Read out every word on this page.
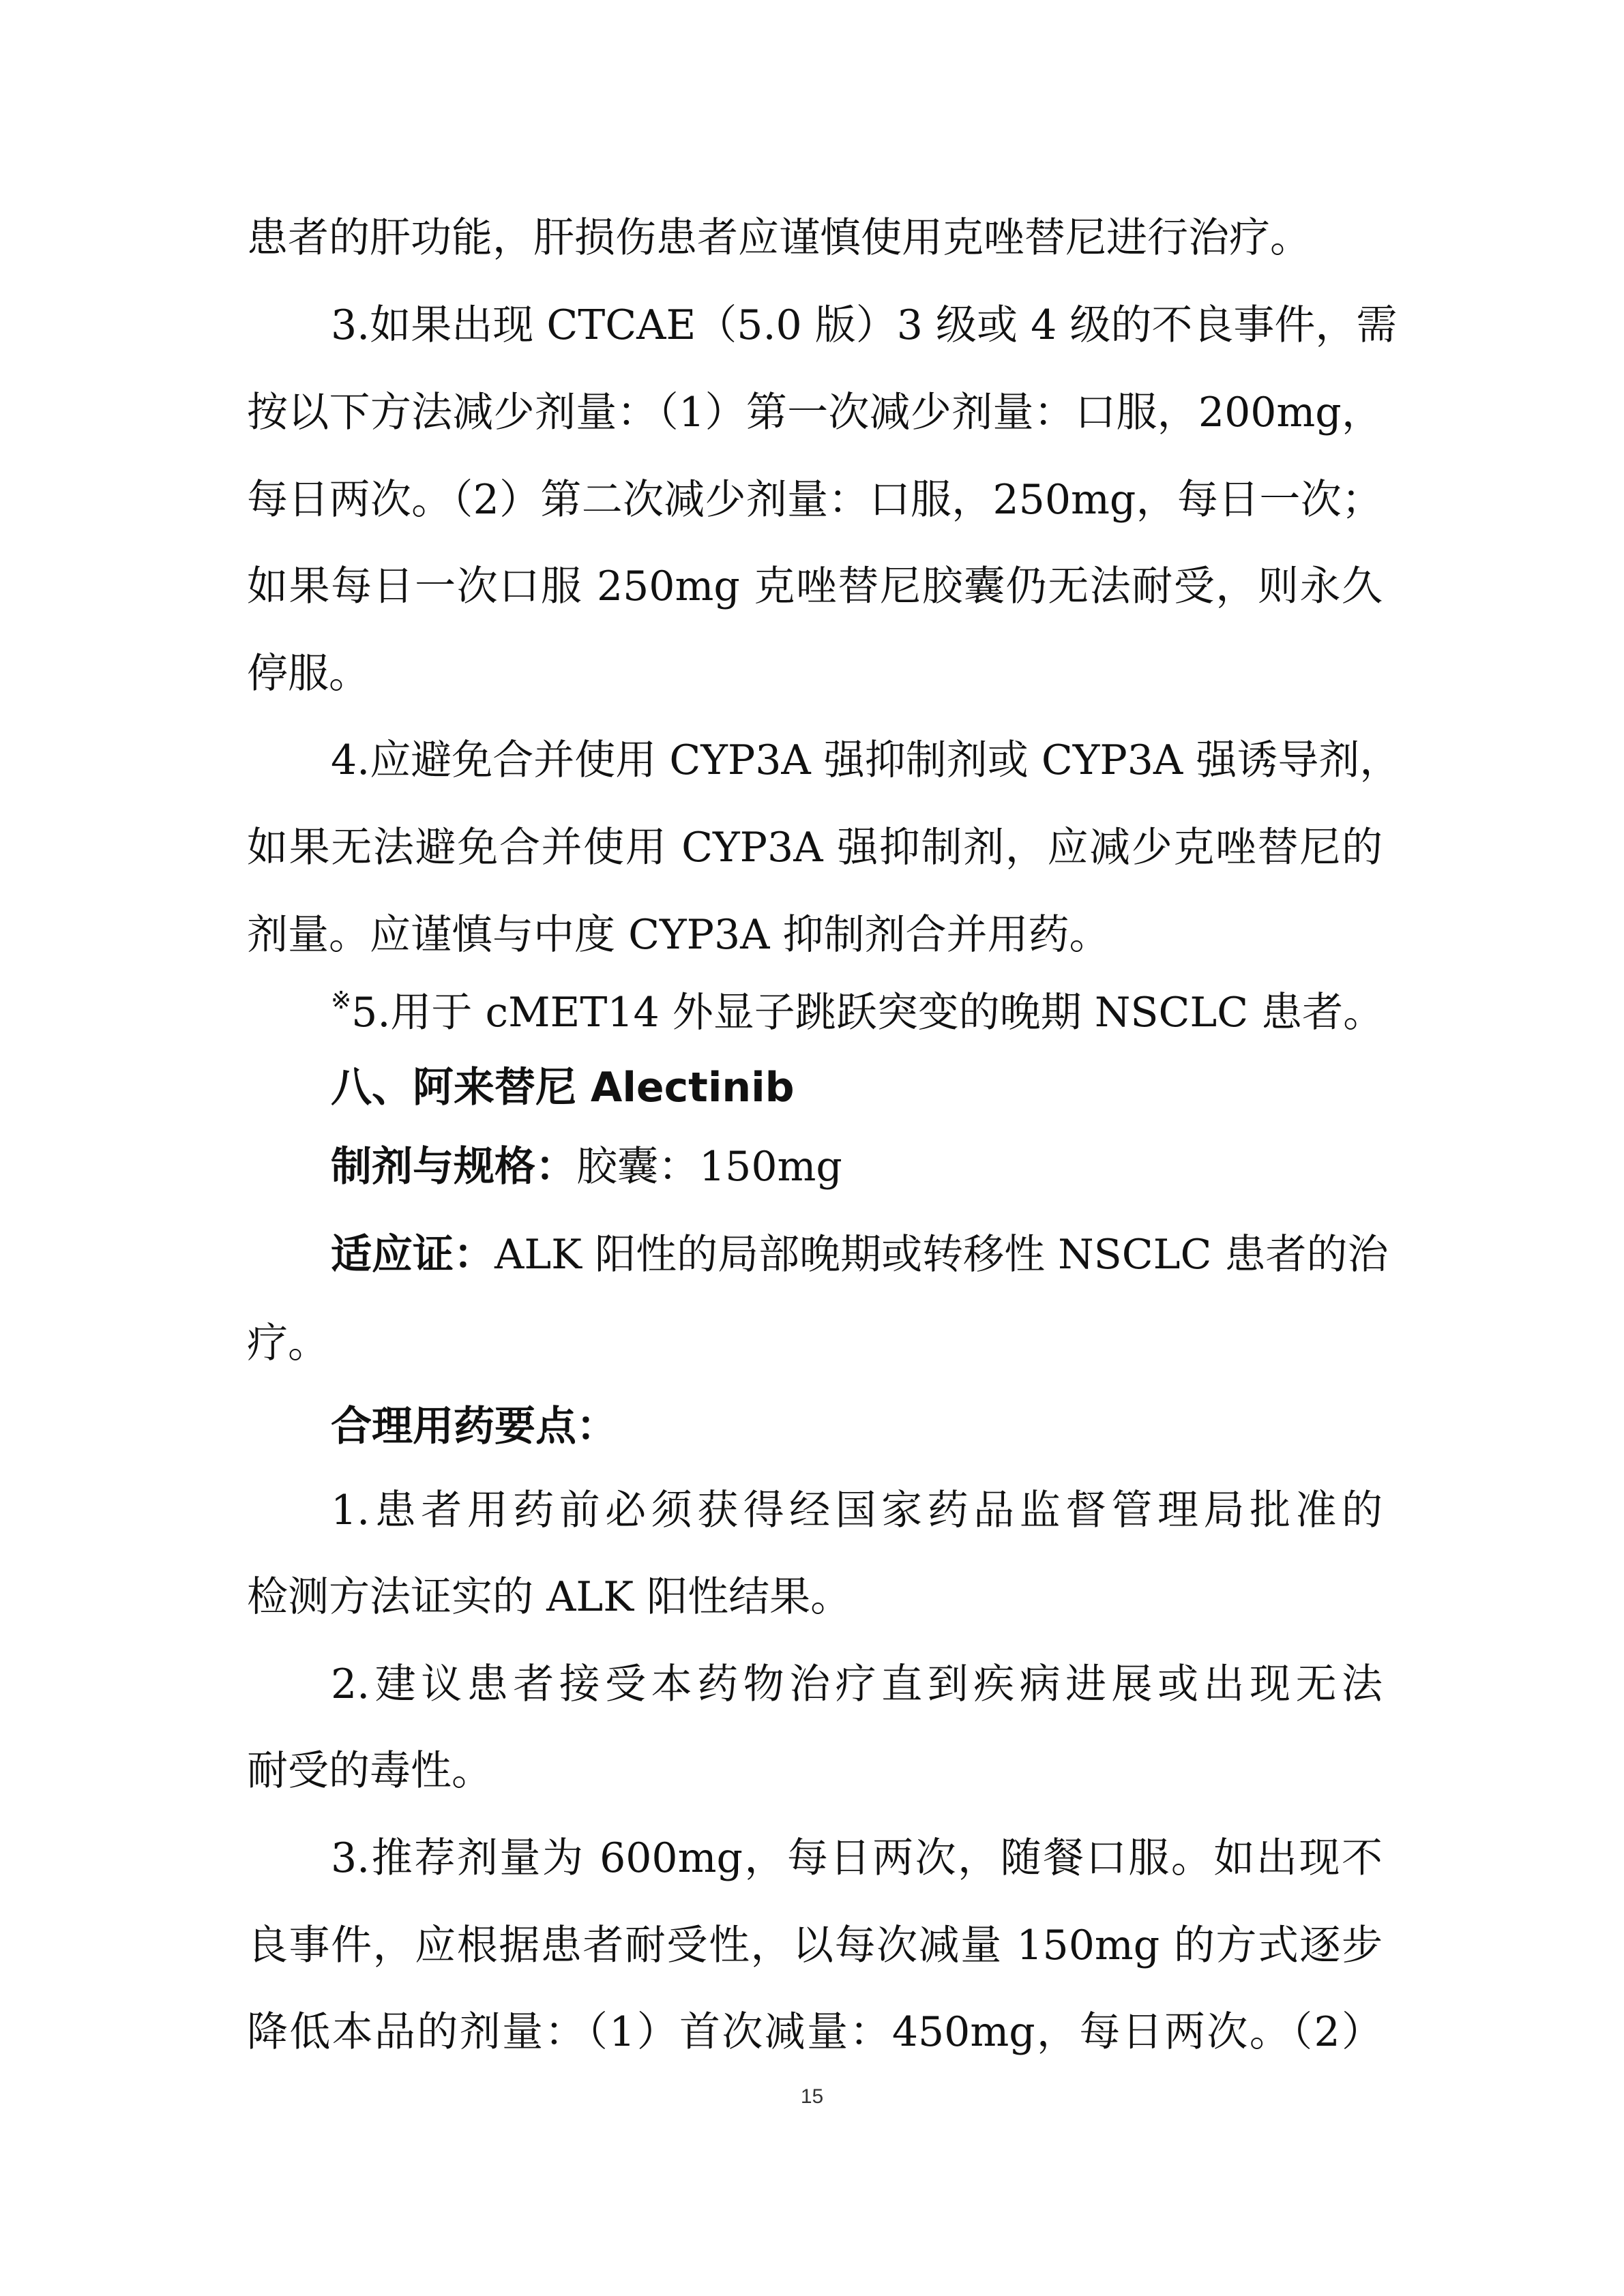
患者的肝功能，肝损伤患者应谨慎使用克唑替尼进行治疗。
3.如果出现 CTCAE（5.0 版）3 级或 4 级的不良事件，需
按以下方法减少剂量：（1）第一次减少剂量：口服，200mg，
每日两次。（2）第二次减少剂量：口服，250mg，每日一次；
如果每日一次口服 250mg 克唑替尼胶囊仍无法耐受，则永久
停服。
4.应避免合并使用 CYP3A 强抑制剂或 CYP3A 强诱导剂，
如果无法避免合并使用 CYP3A 强抑制剂，应减少克唑替尼的
剂量。应谨慎与中度 CYP3A 抑制剂合并用药。
※5.用于 cMET14 外显子跳跃突变的晚期 NSCLC 患者。
八、阿来替尼 Alectinib
制剂与规格：胶囊：150mg
适应证：ALK 阳性的局部晚期或转移性 NSCLC 患者的治
疗。
合理用药要点：
1.患者用药前必须获得经国家药品监督管理局批准的
检测方法证实的 ALK 阳性结果。
2.建议患者接受本药物治疗直到疾病进展或出现无法
耐受的毒性。
3.推荐剂量为 600mg，每日两次，随餐口服。如出现不
良事件，应根据患者耐受性，以每次减量 150mg 的方式逐步
降低本品的剂量：（1）首次减量：450mg，每日两次。（2）
15
